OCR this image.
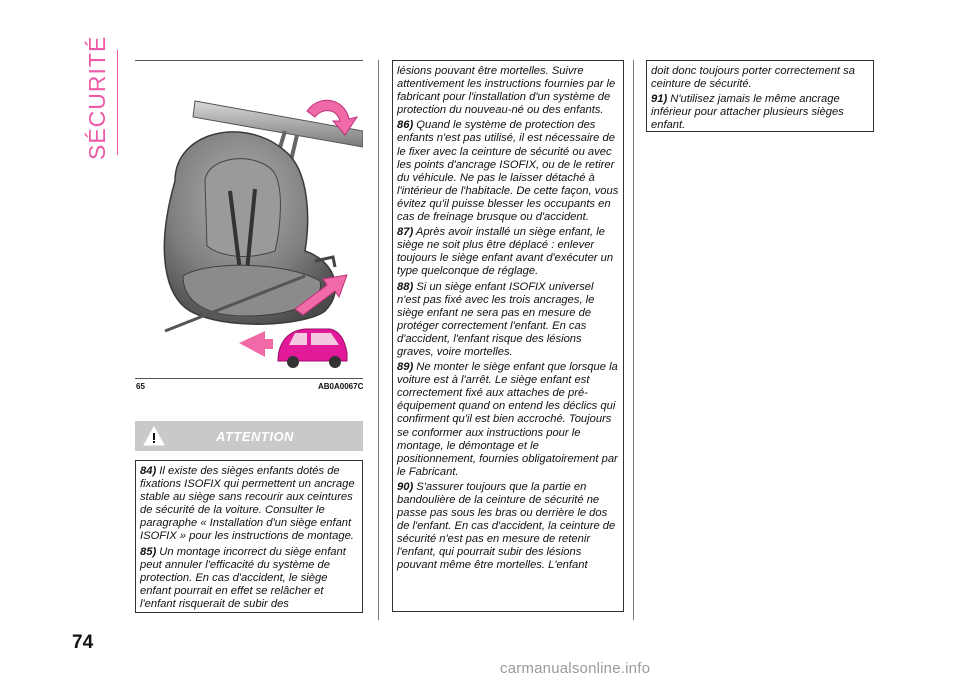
SÉCURITÉ
65	AB0A0067C
ATTENTION

84) Il existe des sièges enfants dotés de fixations ISOFIX qui permettent un ancrage stable au siège sans recourir aux ceintures de sécurité de la voiture. Consulter le paragraphe « Installation d'un siège enfant ISOFIX » pour les instructions de montage.

85) Un montage incorrect du siège enfant peut annuler l'efficacité du système de protection. En cas d'accident, le siège enfant pourrait en effet se relâcher et l'enfant risquerait de subir des

lésions pouvant être mortelles. Suivre attentivement les instructions fournies par le fabricant pour l'installation d'un système de protection du nouveau-né ou des enfants.

86) Quand le système de protection des enfants n'est pas utilisé, il est nécessaire de le fixer avec la ceinture de sécurité ou avec les points d'ancrage ISOFIX, ou de le retirer du véhicule. Ne pas le laisser détaché à l'intérieur de l'habitacle. De cette façon, vous évitez qu'il puisse blesser les occupants en cas de freinage brusque ou d'accident.

87) Après avoir installé un siège enfant, le siège ne soit plus être déplacé : enlever toujours le siège enfant avant d'exécuter un type quelconque de réglage.

88) Si un siège enfant ISOFIX universel n'est pas fixé avec les trois ancrages, le siège enfant ne sera pas en mesure de protéger correctement l'enfant. En cas d'accident, l'enfant risque des lésions graves, voire mortelles.

89) Ne monter le siège enfant que lorsque la voiture est à l'arrêt. Le siège enfant est correctement fixé aux attaches de pré-équipement quand on entend les déclics qui confirment qu'il est bien accroché. Toujours se conformer aux instructions pour le montage, le démontage et le positionnement, fournies obligatoirement par le Fabricant.

90) S'assurer toujours que la partie en bandoulière de la ceinture de sécurité ne passe pas sous les bras ou derrière le dos de l'enfant. En cas d'accident, la ceinture de sécurité n'est pas en mesure de retenir l'enfant, qui pourrait subir des lésions pouvant même être mortelles. L'enfant

doit donc toujours porter correctement sa ceinture de sécurité.

91) N'utilisez jamais le même ancrage inférieur pour attacher plusieurs sièges enfant.

74
carmanualsonline.info
